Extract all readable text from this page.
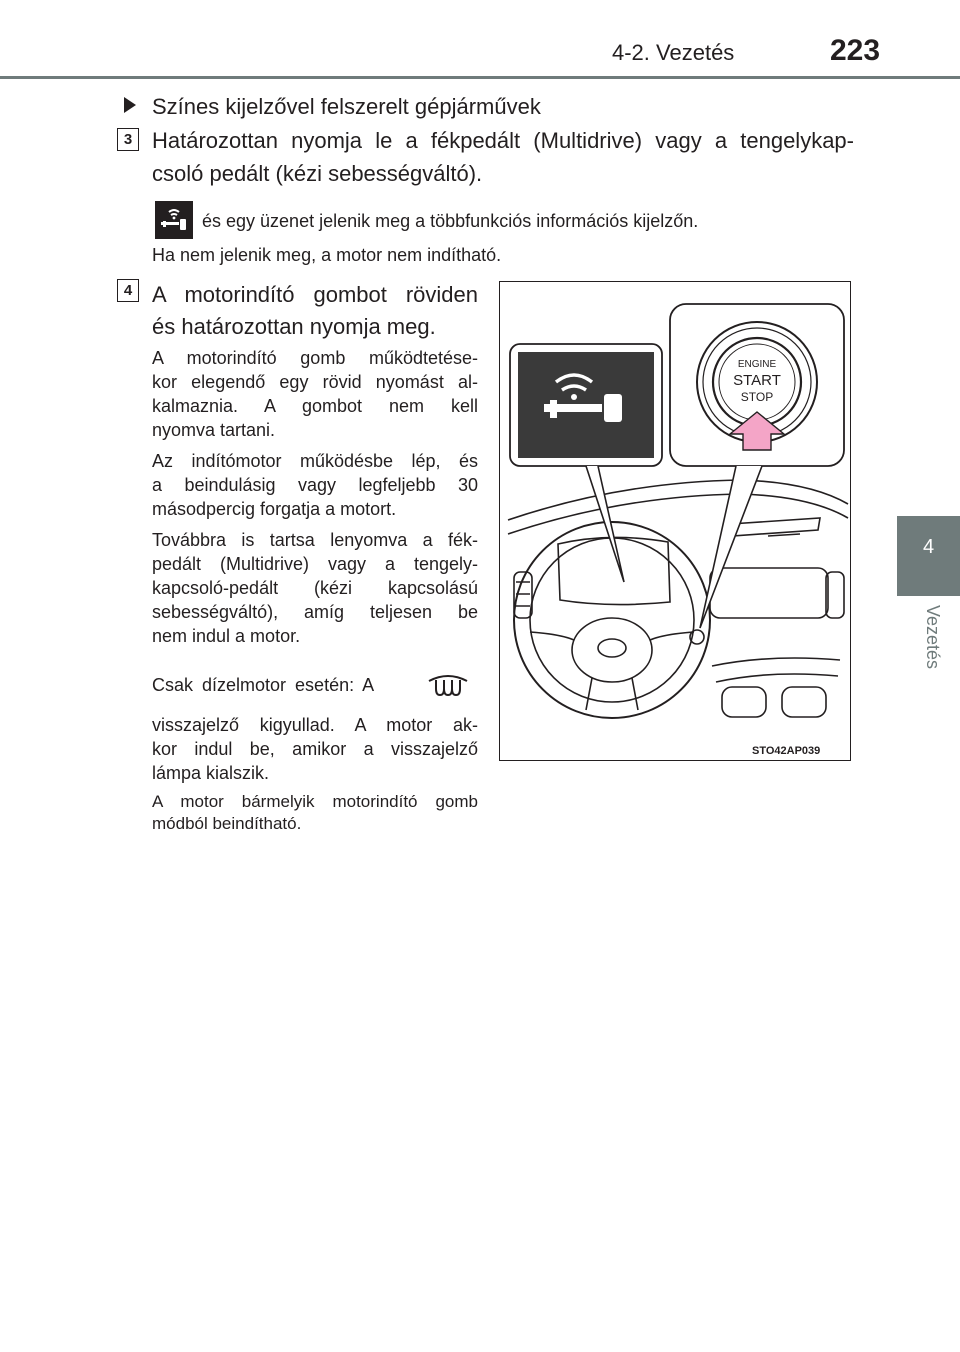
4-2. Vezetés	223
4
Vezetés

Színes kijelzővel felszerelt gépjárművek

3 Határozottan nyomja le a fékpedált (Multidrive) vagy a tengelykap-

csoló pedált (kézi sebességváltó).

és egy üzenet jelenik meg a többfunkciós információs kijelzőn.

Ha nem jelenik meg, a motor nem indítható.

4 A motorindító gombot röviden

és határozottan nyomja meg.

A motorindító gomb működtetése-

kor elegendő egy rövid nyomást al-

kalmaznia. A gombot nem kell

nyomva tartani.

Az indítómotor működésbe lép, és

a beindulásig vagy legfeljebb 30

másodpercig forgatja a motort.

Továbbra is tartsa lenyomva a fék-

pedált (Multidrive) vagy a tengely-

kapcsoló-pedált (kézi kapcsolású

sebességváltó), amíg teljesen be

nem indul a motor.

Csak dízelmotor esetén: A

visszajelző kigyullad. A motor ak-

kor indul be, amikor a visszajelző

lámpa kialszik.

A motor bármelyik motorindító gomb

módból beindítható.

ENGINE
START
STOP
STO42AP039
